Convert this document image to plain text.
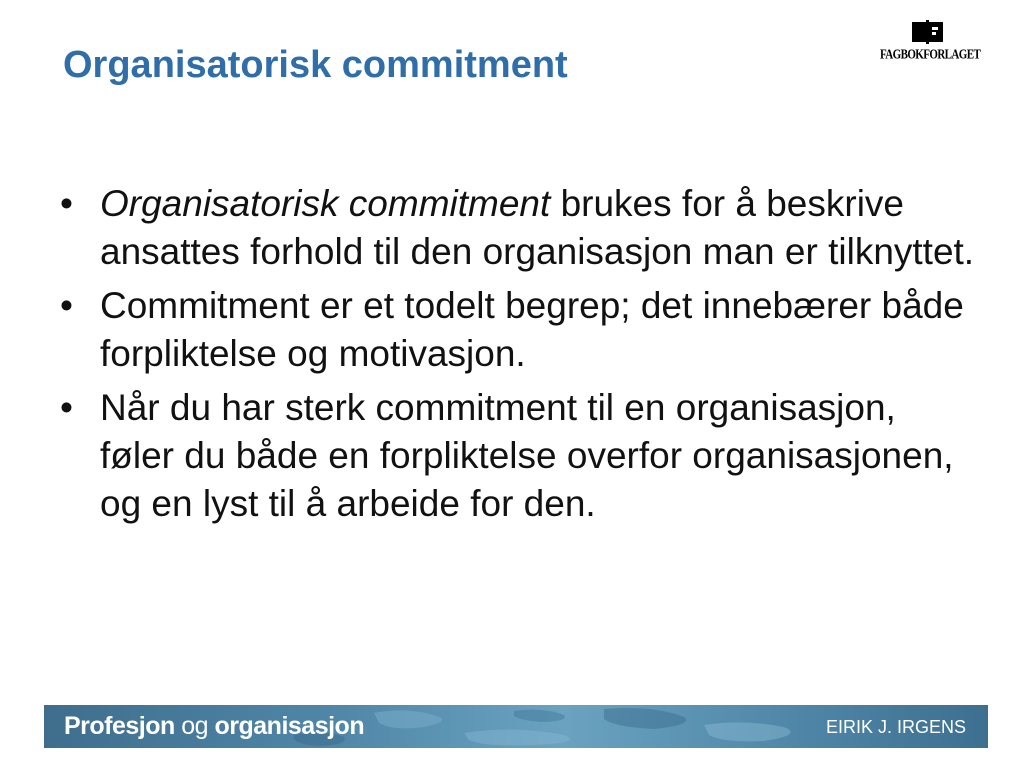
Organisatorisk commitment	FAGBOKFORLAGET
• Organisatorisk commitment brukes for å beskrive ansattes forhold til den organisasjon man er tilknyttet.
• Commitment er et todelt begrep; det innebærer både forpliktelse og motivasjon.
• Når du har sterk commitment til en organisasjon, føler du både en forpliktelse overfor organisasjonen, og en lyst til å arbeide for den.
Profesjon og organisasjon	EIRIK J. IRGENS
